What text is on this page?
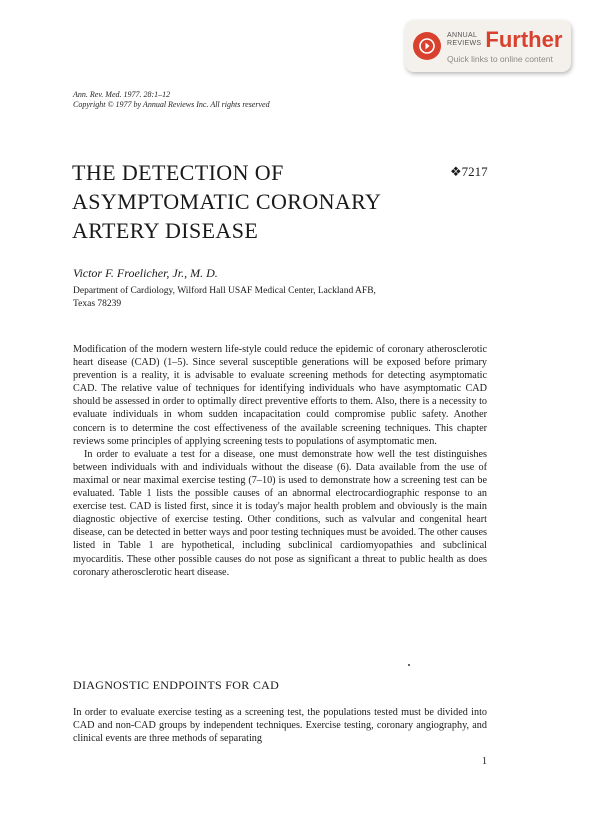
ANNUAL
REVIEWS Further
Quick links to online content
Ann. Rev. Med. 1977. 28:1–12
Copyright © 1977 by Annual Reviews Inc. All rights reserved
THE DETECTION OF
ASYMPTOMATIC CORONARY
ARTERY DISEASE
❖7217
Victor F. Froelicher, Jr., M. D.
Department of Cardiology, Wilford Hall USAF Medical Center, Lackland AFB,
Texas 78239

Modification of the modern western life-style could reduce the epidemic of coronary atherosclerotic heart disease (CAD) (1–5). Since several susceptible generations will be exposed before primary prevention is a reality, it is advisable to evaluate screening methods for detecting asymptomatic CAD. The relative value of techniques for identifying individuals who have asymptomatic CAD should be assessed in order to optimally direct preventive efforts to them. Also, there is a necessity to evaluate individuals in whom sudden incapacitation could compromise public safety. Another concern is to determine the cost effectiveness of the available screening techniques. This chapter reviews some principles of applying screening tests to populations of asymptomatic men.

In order to evaluate a test for a disease, one must demonstrate how well the test distinguishes between individuals with and individuals without the disease (6). Data available from the use of maximal or near maximal exercise testing (7–10) is used to demonstrate how a screening test can be evaluated. Table 1 lists the possible causes of an abnormal electrocardiographic response to an exercise test. CAD is listed first, since it is today's major health problem and obviously is the main diagnostic objective of exercise testing. Other conditions, such as valvular and congenital heart disease, can be detected in better ways and poor testing techniques must be avoided. The other causes listed in Table 1 are hypothetical, including subclinical cardiomyopathies and subclinical myocarditis. These other possible causes do not pose as significant a threat to public health as does coronary atherosclerotic heart disease.

DIAGNOSTIC ENDPOINTS FOR CAD

In order to evaluate exercise testing as a screening test, the populations tested must be divided into CAD and non-CAD groups by independent techniques. Exercise testing, coronary angiography, and clinical events are three methods of separating

1
